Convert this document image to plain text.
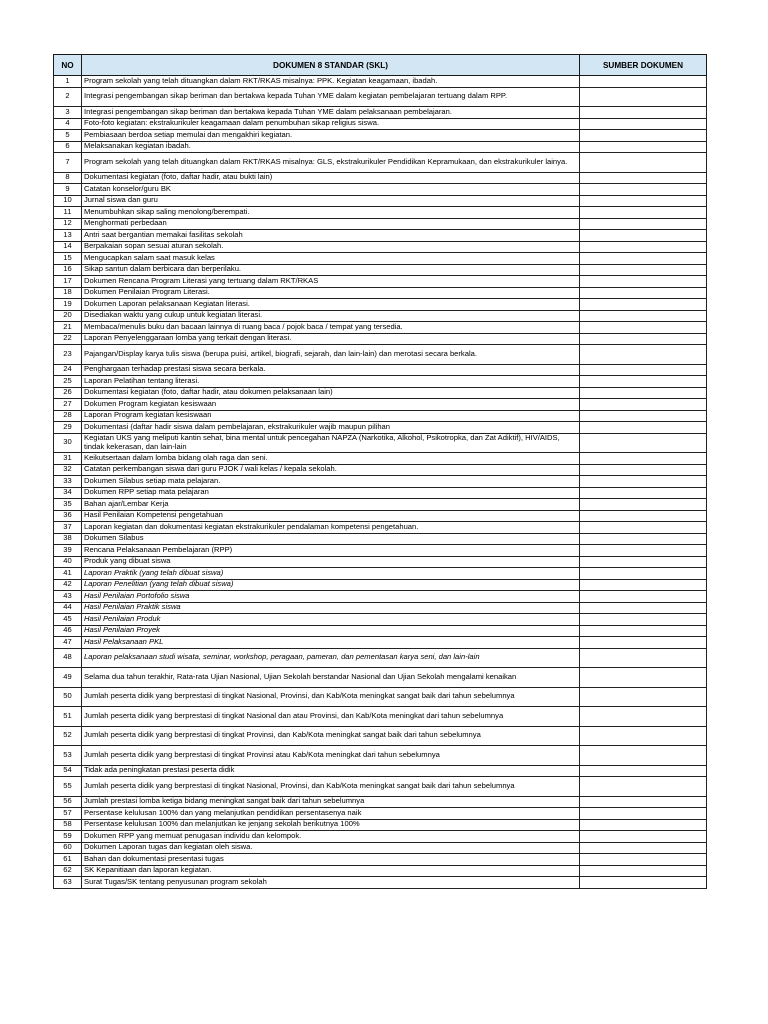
NO	DOKUMEN 8 STANDAR (SKL)	SUMBER DOKUMEN
1	Program sekolah yang telah dituangkan dalam RKT/RKAS misalnya: PPK. Kegiatan keagamaan, ibadah.	
2	Integrasi pengembangan sikap beriman dan bertakwa kepada Tuhan YME dalam kegiatan pembelajaran tertuang dalam RPP.	
3	Integrasi pengembangan sikap beriman dan bertakwa kepada Tuhan YME dalam pelaksanaan pembelajaran.	
4	Foto-foto kegiatan: ekstrakurikuler keagamaan dalam penumbuhan sikap religius siswa.	
5	Pembiasaan berdoa setiap memulai dan mengakhiri kegiatan.	
6	Melaksanakan kegiatan ibadah.	
7	Program sekolah yang telah dituangkan dalam RKT/RKAS misalnya: GLS, ekstrakurikuler Pendidikan Kepramukaan, dan ekstrakurikuler lainya.	
8	Dokumentasi kegiatan (foto, daftar hadir, atau bukti lain)	
9	Catatan konselor/guru BK	
10	Jurnal siswa dan guru	
11	Menumbuhkan sikap saling menolong/berempati.	
12	Menghormati perbedaan	
13	Antri saat bergantian memakai fasilitas sekolah	
14	Berpakaian sopan sesuai aturan sekolah.	
15	Mengucapkan salam saat masuk kelas	
16	Sikap santun dalam berbicara dan berperilaku.	
17	Dokumen Rencana Program Literasi yang tertuang dalam RKT/RKAS	
18	Dokumen Penilaian Program Literasi.	
19	Dokumen Laporan pelaksanaan Kegiatan literasi.	
20	Disediakan waktu yang cukup untuk kegiatan literasi.	
21	Membaca/menulis buku dan bacaan lainnya di ruang baca / pojok baca / tempat yang tersedia.	
22	Laporan Penyelenggaraan lomba yang terkait dengan literasi.	
23	Pajangan/Display karya tulis siswa (berupa puisi, artikel, biografi, sejarah, dan lain-lain) dan merotasi secara berkala.	
24	Penghargaan terhadap prestasi siswa secara berkala.	
25	Laporan Pelatihan tentang literasi.	
26	Dokumentasi kegiatan (foto, daftar hadir, atau dokumen pelaksanaan lain)	
27	Dokumen Program kegiatan kesiswaan	
28	Laporan Program kegiatan kesiswaan	
29	Dokumentasi (daftar hadir siswa dalam pembelajaran, ekstrakurikuler wajib maupun pilihan	
30	Kegiatan UKS yang meliputi kantin sehat, bina mental untuk pencegahan NAPZA (Narkotika, Alkohol, Psikotropka, dan Zat Adiktif), HIV/AIDS, tindak kekerasan, dan lain-lain	
31	Keikutsertaan dalam lomba bidang olah raga dan seni.	
32	Catatan perkembangan siswa dari guru PJOK / wali kelas / kepala sekolah.	
33	Dokumen Silabus setiap mata pelajaran.	
34	Dokumen RPP setiap mata pelajaran	
35	Bahan ajar/Lembar Kerja	
36	Hasil Penilaian Kompetensi pengetahuan	
37	Laporan kegiatan dan dokumentasi kegiatan ekstrakurikuler pendalaman kompetensi pengetahuan.	
38	Dokumen Silabus	
39	Rencana Pelaksanaan Pembelajaran (RPP)	
40	Produk yang dibuat siswa	
41	Laporan Praktik (yang telah dibuat siswa)	
42	Laporan Penelitian (yang telah dibuat siswa)	
43	Hasil Penilaian Portofolio siswa	
44	Hasil Penilaian Praktik siswa	
45	Hasil Penilaian Produk	
46	Hasil Penilaian Proyek	
47	Hasil Pelaksanaan PKL	
48	Laporan pelaksanaan studi wisata, seminar, workshop, peragaan, pameran, dan pementasan karya seni, dan lain-lain	
49	Selama dua tahun terakhir, Rata-rata Ujian Nasional, Ujian Sekolah berstandar Nasional dan Ujian Sekolah mengalami kenaikan	
50	Jumlah peserta didik yang berprestasi di tingkat Nasional, Provinsi, dan Kab/Kota meningkat sangat baik dari tahun sebelumnya	
51	Jumlah peserta didik yang berprestasi di tingkat Nasional dan atau Provinsi, dan Kab/Kota meningkat dari tahun sebelumnya	
52	Jumlah peserta didik yang berprestasi di tingkat Provinsi, dan Kab/Kota meningkat sangat baik dari tahun sebelumnya	
53	Jumlah peserta didik yang berprestasi di tingkat Provinsi atau Kab/Kota meningkat dari tahun sebelumnya	
54	Tidak ada peningkatan prestasi peserta didik	
55	Jumlah peserta didik yang berprestasi di tingkat Nasional, Provinsi, dan Kab/Kota meningkat sangat baik dari tahun sebelumnya	
56	Jumlah prestasi lomba ketiga bidang meningkat sangat baik dari tahun sebelumnya	
57	Persentase kelulusan 100% dan yang melanjutkan pendidikan persentasenya naik	
58	Persentase kelulusan 100% dan melanjutkan ke jenjang sekolah berikutnya 100%	
59	Dokumen RPP yang memuat penugasan individu dan kelompok.	
60	Dokumen Laporan tugas dan kegiatan oleh siswa.	
61	Bahan dan dokumentasi presentasi tugas	
62	SK Kepanitiaan dan laporan kegiatan.	
63	Surat Tugas/SK tentang penyusunan program sekolah	
